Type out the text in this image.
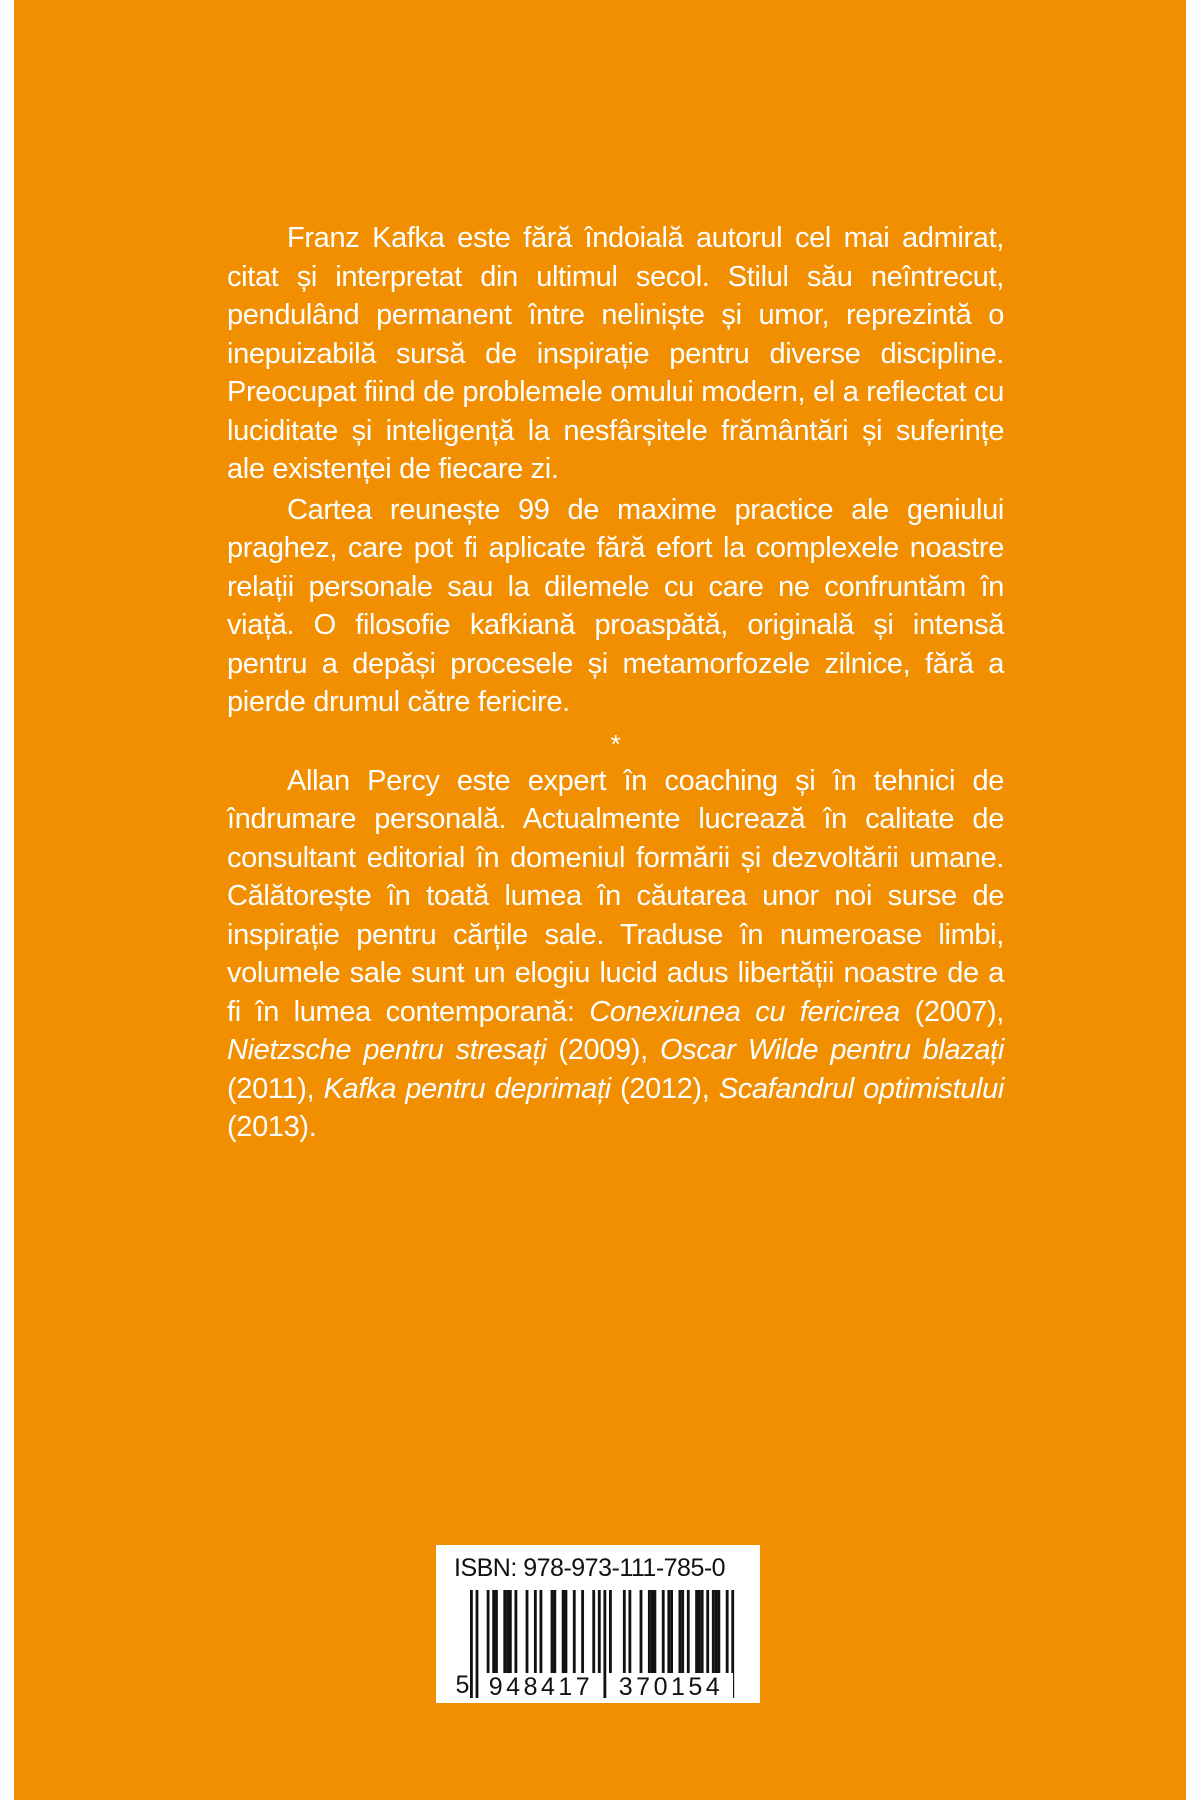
Franz Kafka este fără îndoială autorul cel mai admirat, citat și interpretat din ultimul secol. Stilul său neîntrecut, pendulând permanent între neliniște și umor, reprezintă o inepuizabilă sursă de inspirație pentru diverse discipline. Preocupat fiind de problemele omului modern, el a reflectat cu luciditate și inteligență la nesfârșitele frământări și suferințe ale existenței de fiecare zi.

Cartea reunește 99 de maxime practice ale geniului praghez, care pot fi aplicate fără efort la complexele noastre relații personale sau la dilemele cu care ne confruntăm în viață. O filosofie kafkiană proaspătă, originală și intensă pentru a depăși procesele și metamorfozele zilnice, fără a pierde drumul către fericire.

*

Allan Percy este expert în coaching și în tehnici de îndrumare personală. Actualmente lucrează în calitate de consultant editorial în domeniul formării și dezvoltării umane. Călătorește în toată lumea în căutarea unor noi surse de inspirație pentru cărțile sale. Traduse în numeroase limbi, volumele sale sunt un elogiu lucid adus libertății noastre de a fi în lumea contemporană: Conexiunea cu fericirea (2007), Nietzsche pentru stresați (2009), Oscar Wilde pentru blazați (2011), Kafka pentru deprimați (2012), Scafandrul optimistului (2013).

ISBN: 978-973-111-785-0
5 948417 370154
